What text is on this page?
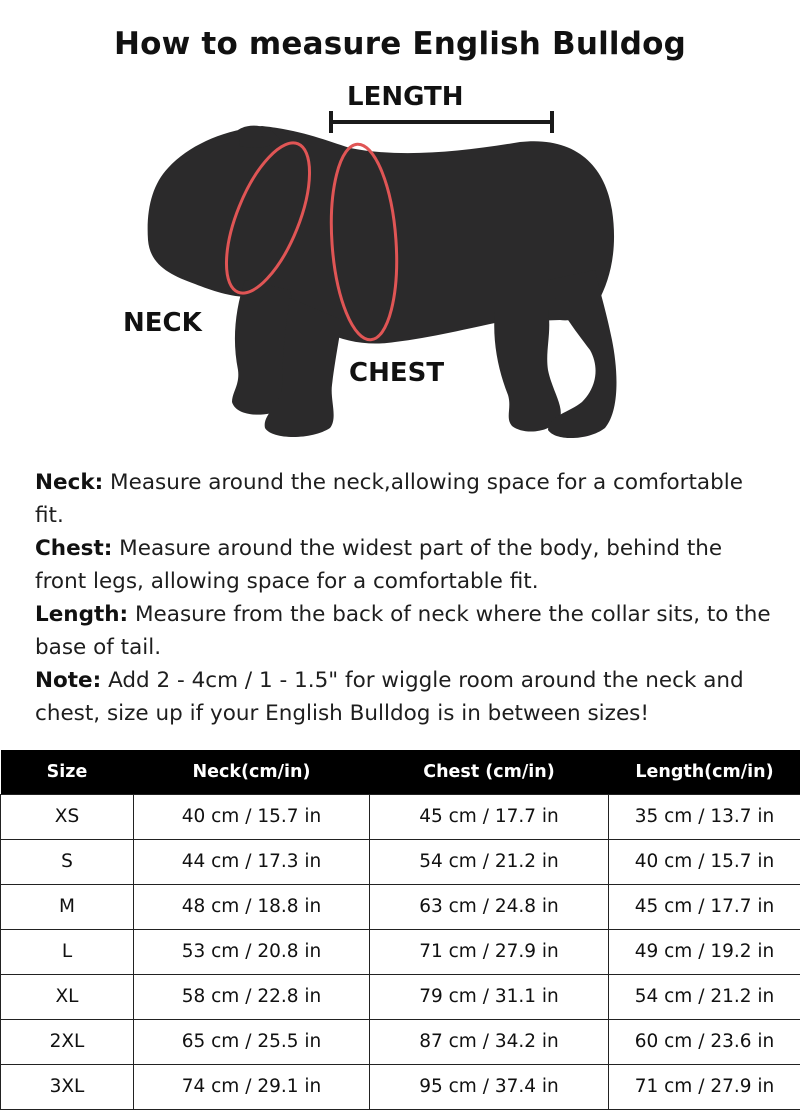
How to measure English Bulldog
LENGTH
NECK
CHEST

Neck: Measure around the neck,allowing space for a comfortable fit.

Chest: Measure around the widest part of the body, behind the front legs, allowing space for a comfortable fit.

Length: Measure from the back of neck where the collar sits, to the base of tail.

Note: Add 2 - 4cm / 1 - 1.5" for wiggle room around the neck and chest, size up if your English Bulldog is in between sizes!

Size	Neck(cm/in)	Chest (cm/in)	Length(cm/in)
XS	40 cm / 15.7 in	45 cm / 17.7 in	35 cm / 13.7 in
S	44 cm / 17.3 in	54 cm / 21.2 in	40 cm / 15.7 in
M	48 cm / 18.8 in	63 cm / 24.8 in	45 cm / 17.7 in
L	53 cm / 20.8 in	71 cm / 27.9 in	49 cm / 19.2 in
XL	58 cm / 22.8 in	79 cm / 31.1 in	54 cm / 21.2 in
2XL	65 cm / 25.5 in	87 cm / 34.2 in	60 cm / 23.6 in
3XL	74 cm / 29.1 in	95 cm / 37.4 in	71 cm / 27.9 in
